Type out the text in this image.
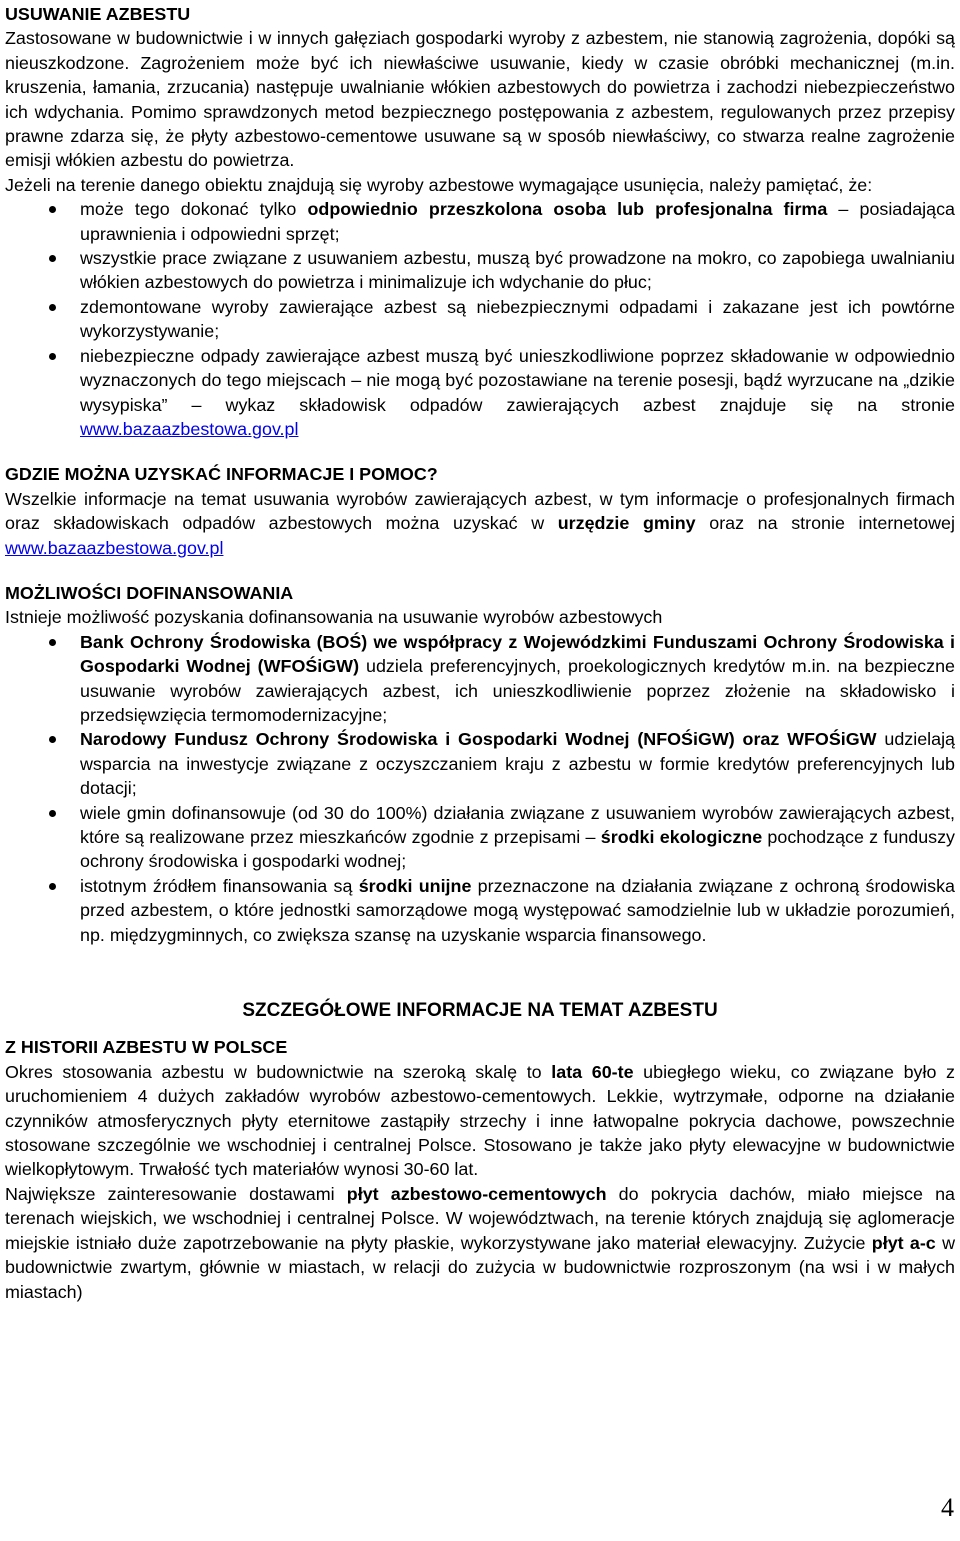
USUWANIE AZBESTU

Zastosowane w budownictwie i w innych gałęziach gospodarki wyroby z azbestem, nie stanowią zagrożenia, dopóki są nieuszkodzone. Zagrożeniem może być ich niewłaściwe usuwanie, kiedy w czasie obróbki mechanicznej (m.in. kruszenia, łamania, zrzucania) następuje uwalnianie włókien azbestowych do powietrza i zachodzi niebezpieczeństwo ich wdychania. Pomimo sprawdzonych metod bezpiecznego postępowania z azbestem, regulowanych przez przepisy prawne zdarza się, że płyty azbestowo-cementowe usuwane są w sposób niewłaściwy, co stwarza realne zagrożenie emisji włókien azbestu do powietrza.

Jeżeli na terenie danego obiektu znajdują się wyroby azbestowe wymagające usunięcia, należy pamiętać, że:

może tego dokonać tylko odpowiednio przeszkolona osoba lub profesjonalna firma – posiadająca uprawnienia i odpowiedni sprzęt;
wszystkie prace związane z usuwaniem azbestu, muszą być prowadzone na mokro, co zapobiega uwalnianiu włókien azbestowych do powietrza i minimalizuje ich wdychanie do płuc;
zdemontowane wyroby zawierające azbest są niebezpiecznymi odpadami i zakazane jest ich powtórne wykorzystywanie;
niebezpieczne odpady zawierające azbest muszą być unieszkodliwione poprzez składowanie w odpowiednio wyznaczonych do tego miejscach – nie mogą być pozostawiane na terenie posesji, bądź wyrzucane na „dzikie wysypiska” – wykaz składowisk odpadów zawierających azbest znajduje się na stronie www.bazaazbestowa.gov.pl
GDZIE MOŻNA UZYSKAĆ INFORMACJE I POMOC?

Wszelkie informacje na temat usuwania wyrobów zawierających azbest, w tym informacje o profesjonalnych firmach oraz składowiskach odpadów azbestowych można uzyskać w urzędzie gminy oraz na stronie internetowej www.bazaazbestowa.gov.pl

MOŻLIWOŚCI DOFINANSOWANIA

Istnieje możliwość pozyskania dofinansowania na usuwanie wyrobów azbestowych

Bank Ochrony Środowiska (BOŚ) we współpracy z Wojewódzkimi Funduszami Ochrony Środowiska i Gospodarki Wodnej (WFOŚiGW) udziela preferencyjnych, proekologicznych kredytów m.in. na bezpieczne usuwanie wyrobów zawierających azbest, ich unieszkodliwienie poprzez złożenie na składowisko i przedsięwzięcia termomodernizacyjne;
Narodowy Fundusz Ochrony Środowiska i Gospodarki Wodnej (NFOŚiGW) oraz WFOŚiGW udzielają wsparcia na inwestycje związane z oczyszczaniem kraju z azbestu w formie kredytów preferencyjnych lub dotacji;
wiele gmin dofinansowuje (od 30 do 100%) działania związane z usuwaniem wyrobów zawierających azbest, które są realizowane przez mieszkańców zgodnie z przepisami – środki ekologiczne pochodzące z funduszy ochrony środowiska i gospodarki wodnej;
istotnym źródłem finansowania są środki unijne przeznaczone na działania związane z ochroną środowiska przed azbestem, o które jednostki samorządowe mogą występować samodzielnie lub w układzie porozumień, np. międzygminnych, co zwiększa szansę na uzyskanie wsparcia finansowego.
SZCZEGÓŁOWE INFORMACJE NA TEMAT AZBESTU
Z HISTORII AZBESTU W POLSCE

Okres stosowania azbestu w budownictwie na szeroką skalę to lata 60-te ubiegłego wieku, co związane było z uruchomieniem 4 dużych zakładów wyrobów azbestowo-cementowych. Lekkie, wytrzymałe, odporne na działanie czynników atmosferycznych płyty eternitowe zastąpiły strzechy i inne łatwopalne pokrycia dachowe, powszechnie stosowane szczególnie we wschodniej i centralnej Polsce. Stosowano je także jako płyty elewacyjne w budownictwie wielkopłytowym. Trwałość tych materiałów wynosi 30-60 lat.

Największe zainteresowanie dostawami płyt azbestowo-cementowych do pokrycia dachów, miało miejsce na terenach wiejskich, we wschodniej i centralnej Polsce. W województwach, na terenie których znajdują się aglomeracje miejskie istniało duże zapotrzebowanie na płyty płaskie, wykorzystywane jako materiał elewacyjny. Zużycie płyt a-c w budownictwie zwartym, głównie w miastach, w relacji do zużycia w budownictwie rozproszonym (na wsi i w małych miastach)

4
